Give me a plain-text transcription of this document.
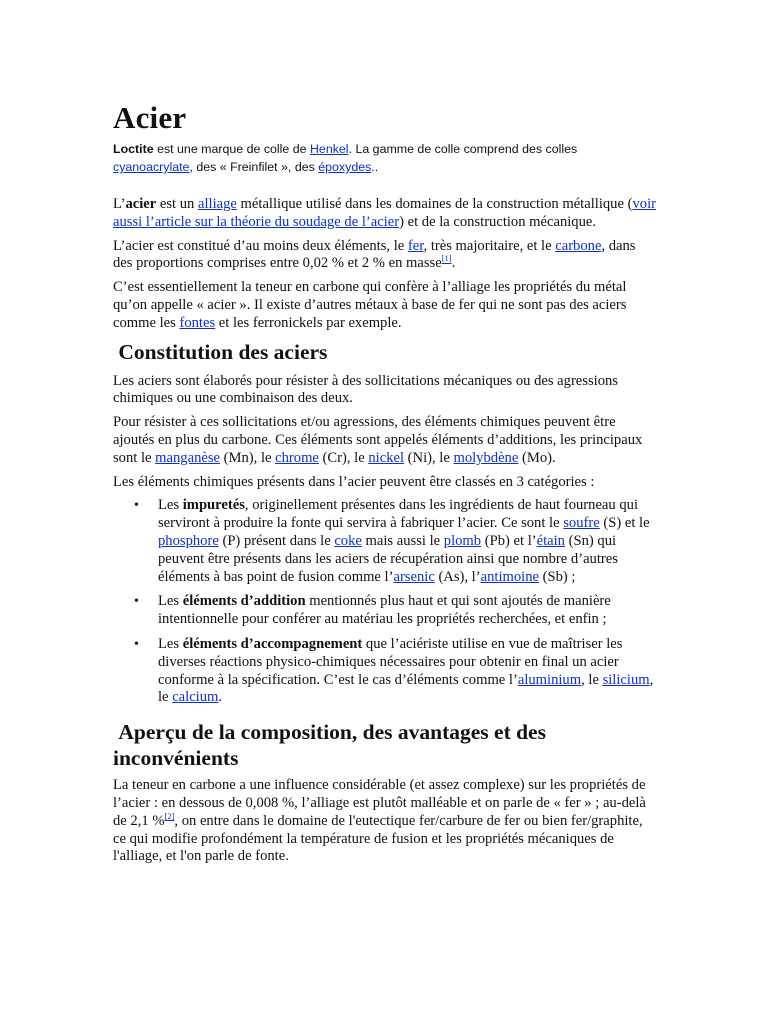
Acier
Loctite est une marque de colle de Henkel. La gamme de colle comprend des colles cyanoacrylate, des « Freinfilet », des époxydes..

L’acier est un alliage métallique utilisé dans les domaines de la construction métallique (voir aussi l’article sur la théorie du soudage de l’acier) et de la construction mécanique.

L’acier est constitué d’au moins deux éléments, le fer, très majoritaire, et le carbone, dans des proportions comprises entre 0,02 % et 2 % en masse[1].

C’est essentiellement la teneur en carbone qui confère à l’alliage les propriétés du métal qu’on appelle « acier ». Il existe d’autres métaux à base de fer qui ne sont pas des aciers comme les fontes et les ferronickels par exemple.

Constitution des aciers

Les aciers sont élaborés pour résister à des sollicitations mécaniques ou des agressions chimiques ou une combinaison des deux.

Pour résister à ces sollicitations et/ou agressions, des éléments chimiques peuvent être ajoutés en plus du carbone. Ces éléments sont appelés éléments d’additions, les principaux sont le manganèse (Mn), le chrome (Cr), le nickel (Ni), le molybdène (Mo).

Les éléments chimiques présents dans l’acier peuvent être classés en 3 catégories :

• Les impuretés, originellement présentes dans les ingrédients de haut fourneau qui serviront à produire la fonte qui servira à fabriquer l’acier. Ce sont le soufre (S) et le phosphore (P) présent dans le coke mais aussi le plomb (Pb) et l’étain (Sn) qui peuvent être présents dans les aciers de récupération ainsi que nombre d’autres éléments à bas point de fusion comme l’arsenic (As), l’antimoine (Sb) ;
• Les éléments d’addition mentionnés plus haut et qui sont ajoutés de manière intentionnelle pour conférer au matériau les propriétés recherchées, et enfin ;
• Les éléments d’accompagnement que l’aciériste utilise en vue de maîtriser les diverses réactions physico-chimiques nécessaires pour obtenir en final un acier conforme à la spécification. C’est le cas d’éléments comme l’aluminium, le silicium, le calcium.
Aperçu de la composition, des avantages et des inconvénients

La teneur en carbone a une influence considérable (et assez complexe) sur les propriétés de l’acier : en dessous de 0,008 %, l’alliage est plutôt malléable et on parle de « fer » ; au-delà de 2,1 %[2], on entre dans le domaine de l'eutectique fer/carbure de fer ou bien fer/graphite, ce qui modifie profondément la température de fusion et les propriétés mécaniques de l'alliage, et l'on parle de fonte.
